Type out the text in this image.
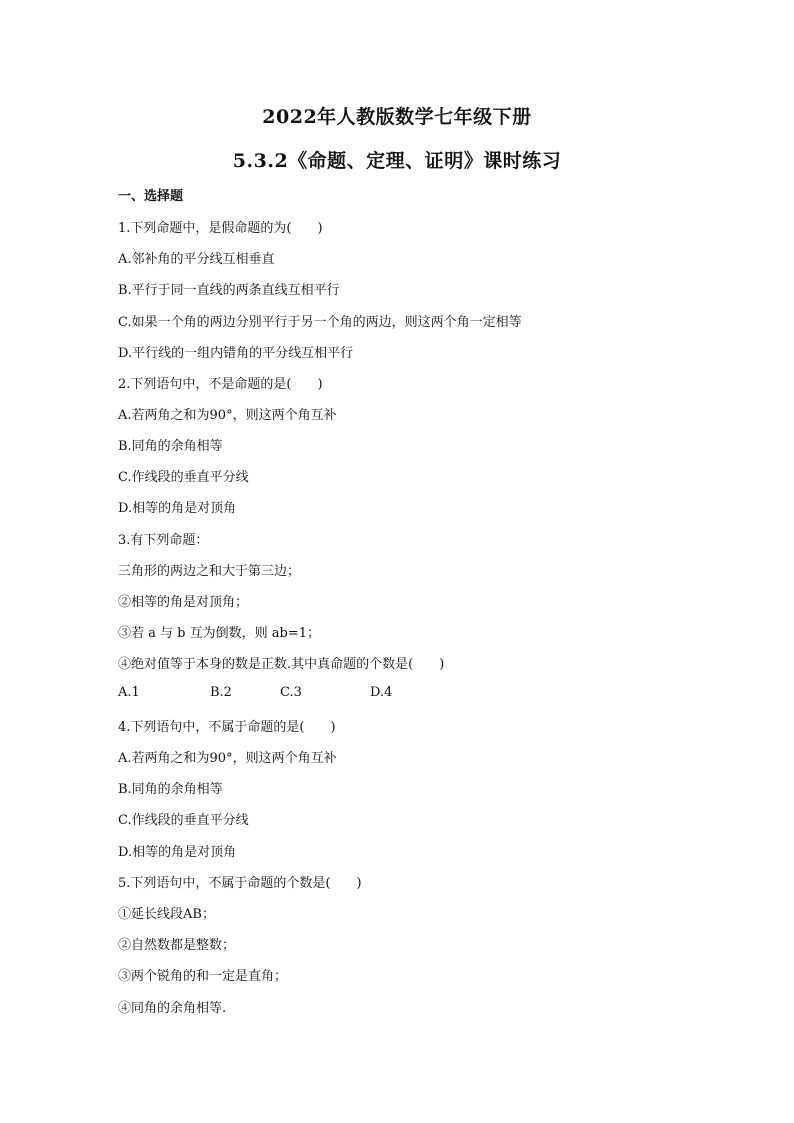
2022年人教版数学七年级下册
5.3.2《命题、定理、证明》课时练习
一、选择题
1.下列命题中，是假命题的为(　　)
A.邻补角的平分线互相垂直
B.平行于同一直线的两条直线互相平行
C.如果一个角的两边分别平行于另一个角的两边，则这两个角一定相等
D.平行线的一组内错角的平分线互相平行
2.下列语句中，不是命题的是(　　)
A.若两角之和为90°，则这两个角互补
B.同角的余角相等
C.作线段的垂直平分线
D.相等的角是对顶角
3.有下列命题：
三角形的两边之和大于第三边；
②相等的角是对顶角；
③若 a 与 b 互为倒数，则 ab=1；
④绝对值等于本身的数是正数.其中真命题的个数是(　　)
A.1	B.2	C.3	D.4
4.下列语句中，不属于命题的是(　　)
A.若两角之和为90°，则这两个角互补
B.同角的余角相等
C.作线段的垂直平分线
D.相等的角是对顶角
5.下列语句中，不属于命题的个数是(　　)
①延长线段AB；
②自然数都是整数；
③两个锐角的和一定是直角；
④同角的余角相等.
